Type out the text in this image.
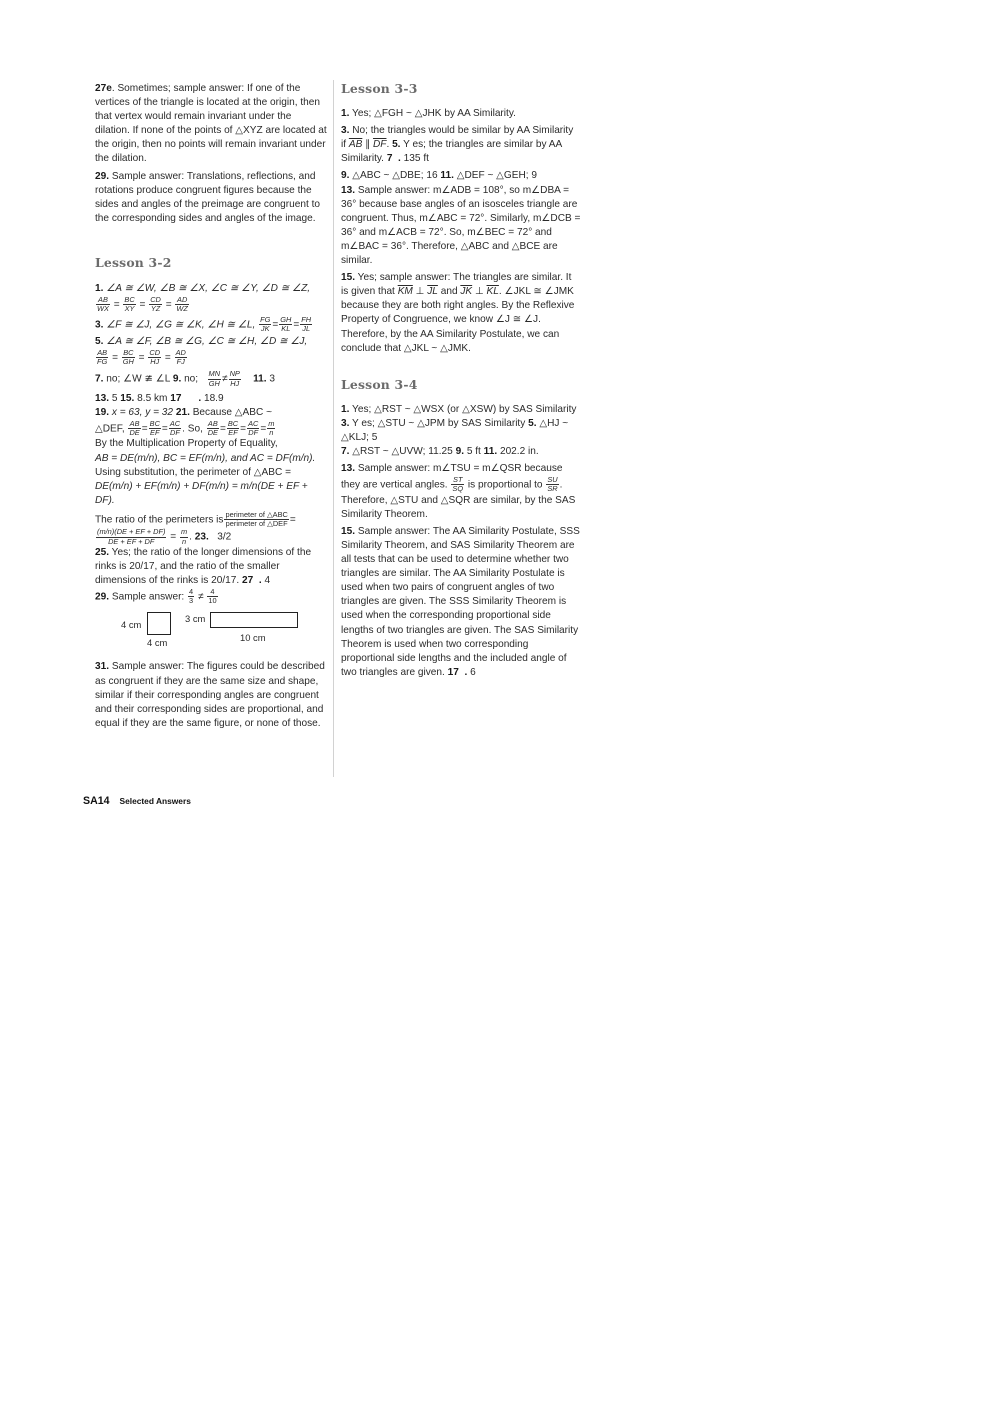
27e. Sometimes; sample answer: If one of the vertices of the triangle is located at the origin, then that vertex would remain invariant under the dilation. If none of the points of △XYZ are located at the origin, then no points will remain invariant under the dilation.

29. Sample answer: Translations, reflections, and rotations produce congruent figures because the sides and angles of the preimage are congruent to the corresponding sides and angles of the image.

Lesson 3-2

1. ∠A ≅ ∠W, ∠B ≅ ∠X, ∠C ≅ ∠Y, ∠D ≅ ∠Z,

$\frac{AB}{WX} = \frac{BC}{XY} = \frac{CD}{YZ} = \frac{AD}{WZ}$

3. ∠F ≅ ∠J, ∠G ≅ ∠K, ∠H ≅ ∠L, $\frac{FG}{JK} = \frac{GH}{KL} = \frac{FH}{JL}$

5. ∠A ≅ ∠F, ∠B ≅ ∠G, ∠C ≅ ∠H, ∠D ≅ ∠J,

$\frac{AB}{FG} = \frac{BC}{GH} = \frac{CD}{HJ} = \frac{AD}{FJ}$

7. no; ∠W ≇ ∠L 9. no; $\frac{MN}{GH} \ne \frac{NP}{HJ} 11$. 3

13. 5 15. 8.5 km 17 . 18.9

19. x = 63, y = 32 21. Because △ABC ~
△DEF, $\frac{AB}{DE} = \frac{BC}{EF} = \frac{AC}{DF}$ . So, $\frac{AB}{DE} = \frac{BC}{EF} = \frac{AC}{DF} = \frac{m}{n}$

By the Multiplication Property of Equality,
AB = DE(m/n), BC = EF(m/n), and AC = DF(m/n).
Using substitution, the perimeter of △ABC =
DE(m/n) + EF(m/n) + DF(m/n) = m/n(DE + EF + DF).

The ratio of the perimeters is $\frac{\text{perimeter of △ABC}}{\text{perimeter of △DEF}}$ =

$\frac{(m/n)(DE + EF + DF)}{DE + EF + DF} = \frac{m}{n}$ . 23. 3/2

25. Yes; the ratio of the longer dimensions of the rinks is 20/17, and the ratio of the smaller dimensions of the rinks is 20/17. 27 . 4

29. Sample answer: $\frac{4}{3} \ne \frac{4}{10}$

4 cm
4 cm
3 cm
10 cm

31. Sample answer: The figures could be described as congruent if they are the same size and shape, similar if their corresponding angles are congruent and their corresponding sides are proportional, and equal if they are the same figure, or none of those.

Lesson 3-3

1. Yes; △FGH ~ △JHK by AA Similarity.

3. No; the triangles would be similar by AA Similarity if $\overline{AB}$ ∥ $\overline{DF}$. 5. Y es; the triangles are similar by AA Similarity. 7 . 135 ft

9. △ABC ~ △DBE; 16 11. △DEF ~ △GEH; 9

13. Sample answer: m∠ADB = 108°, so m∠DBA = 36° because base angles of an isosceles triangle are congruent. Thus, m∠ABC = 72°. Similarly, m∠DCB = 36° and m∠ACB = 72°. So, m∠BEC = 72° and m∠BAC = 36°. Therefore, △ABC and △BCE are similar.

15. Yes; sample answer: The triangles are similar. It is given that $\overline{KM}$ ⊥ $\overline{JL}$ and $\overline{JK}$ ⊥ $\overline{KL}$. ∠JKL ≅ ∠JMK because they are both right angles. By the Reflexive Property of Congruence, we know ∠J ≅ ∠J. Therefore, by the AA Similarity Postulate, we can conclude that △JKL ~ △JMK.

Lesson 3-4

1. Yes; △RST ~ △WSX (or △XSW) by SAS Similarity 3. Y es; △STU ~ △JPM by SAS Similarity 5. △HJ ~ △KLJ; 5

7. △RST ~ △UVW; 11.25 9. 5 ft 11. 202.2 in.

13. Sample answer: m∠TSU = m∠QSR because they are vertical angles. $\frac{ST}{SQ}$ is proportional to $\frac{SU}{SR}$ . Therefore, △STU and △SQR are similar, by the SAS Similarity Theorem.

15. Sample answer: The AA Similarity Postulate, SSS Similarity Theorem, and SAS Similarity Theorem are all tests that can be used to determine whether two triangles are similar. The AA Similarity Postulate is used when two pairs of congruent angles of two triangles are given. The SSS Similarity Theorem is used when the corresponding proportional side lengths of two triangles are given. The SAS Similarity Theorem is used when two corresponding proportional side lengths and the included angle of two triangles are given. 17 . 6

SA14 Selected Answers
